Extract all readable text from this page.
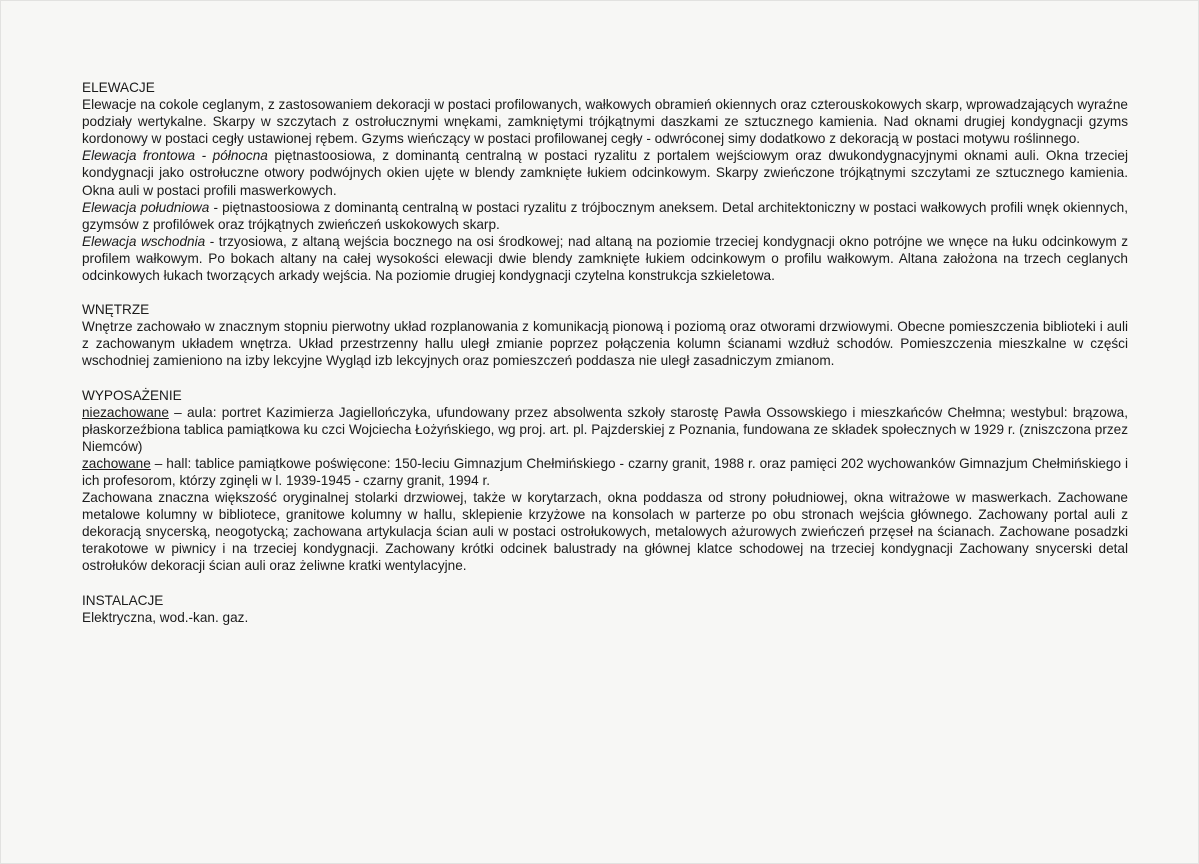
ELEWACJE

Elewacje na cokole ceglanym, z zastosowaniem dekoracji w postaci profilowanych, wałkowych obramień okiennych oraz czterouskokowych skarp, wprowadzających wyraźne podziały wertykalne. Skarpy w szczytach z ostrołucznymi wnękami, zamkniętymi trójkątnymi daszkami ze sztucznego kamienia. Nad oknami drugiej kondygnacji gzyms kordonowy w postaci cegły ustawionej rębem. Gzyms wieńczący w postaci profilowanej cegły - odwróconej simy dodatkowo z dekoracją w postaci motywu roślinnego.

Elewacja frontowa - północna piętnastoosiowa, z dominantą centralną w postaci ryzalitu z portalem wejściowym oraz dwukondygnacyjnymi oknami auli. Okna trzeciej kondygnacji jako ostrołuczne otwory podwójnych okien ujęte w blendy zamknięte łukiem odcinkowym. Skarpy zwieńczone trójkątnymi szczytami ze sztucznego kamienia. Okna auli w postaci profili maswerkowych.

Elewacja południowa - piętnastoosiowa z dominantą centralną w postaci ryzalitu z trójbocznym aneksem. Detal architektoniczny w postaci wałkowych profili wnęk okiennych, gzymsów z profilówek oraz trójkątnych zwieńczeń uskokowych skarp.

Elewacja wschodnia - trzyosiowa, z altaną wejścia bocznego na osi środkowej; nad altaną na poziomie trzeciej kondygnacji okno potrójne we wnęce na łuku odcinkowym z profilem wałkowym. Po bokach altany na całej wysokości elewacji dwie blendy zamknięte łukiem odcinkowym o profilu wałkowym. Altana założona na trzech ceglanych odcinkowych łukach tworzących arkady wejścia. Na poziomie drugiej kondygnacji czytelna konstrukcja szkieletowa.

WNĘTRZE

Wnętrze zachowało w znacznym stopniu pierwotny układ rozplanowania z komunikacją pionową i poziomą oraz otworami drzwiowymi. Obecne pomieszczenia biblioteki i auli z zachowanym układem wnętrza. Układ przestrzenny hallu uległ zmianie poprzez połączenia kolumn ścianami wzdłuż schodów. Pomieszczenia mieszkalne w części wschodniej zamieniono na izby lekcyjne Wygląd izb lekcyjnych oraz pomieszczeń poddasza nie uległ zasadniczym zmianom.

WYPOSAŻENIE

niezachowane – aula: portret Kazimierza Jagiellończyka, ufundowany przez absolwenta szkoły starostę Pawła Ossowskiego i mieszkańców Chełmna; westybul: brązowa, płaskorzeźbiona tablica pamiątkowa ku czci Wojciecha Łożyńskiego, wg proj. art. pl. Pajzderskiej z Poznania, fundowana ze składek społecznych w 1929 r. (zniszczona przez Niemców)

zachowane – hall: tablice pamiątkowe poświęcone: 150-leciu Gimnazjum Chełmińskiego - czarny granit, 1988 r. oraz pamięci 202 wychowanków Gimnazjum Chełmińskiego i ich profesorom, którzy zginęli w l. 1939-1945 - czarny granit, 1994 r.

Zachowana znaczna większość oryginalnej stolarki drzwiowej, także w korytarzach, okna poddasza od strony południowej, okna witrażowe w maswerkach. Zachowane metalowe kolumny w bibliotece, granitowe kolumny w hallu, sklepienie krzyżowe na konsolach w parterze po obu stronach wejścia głównego. Zachowany portal auli z dekoracją snycerską, neogotycką; zachowana artykulacja ścian auli w postaci ostrołukowych, metalowych ażurowych zwieńczeń przęseł na ścianach. Zachowane posadzki terakotowe w piwnicy i na trzeciej kondygnacji. Zachowany krótki odcinek balustrady na głównej klatce schodowej na trzeciej kondygnacji Zachowany snycerski detal ostrołuków dekoracji ścian auli oraz żeliwne kratki wentylacyjne.

INSTALACJE

Elektryczna, wod.-kan. gaz.
